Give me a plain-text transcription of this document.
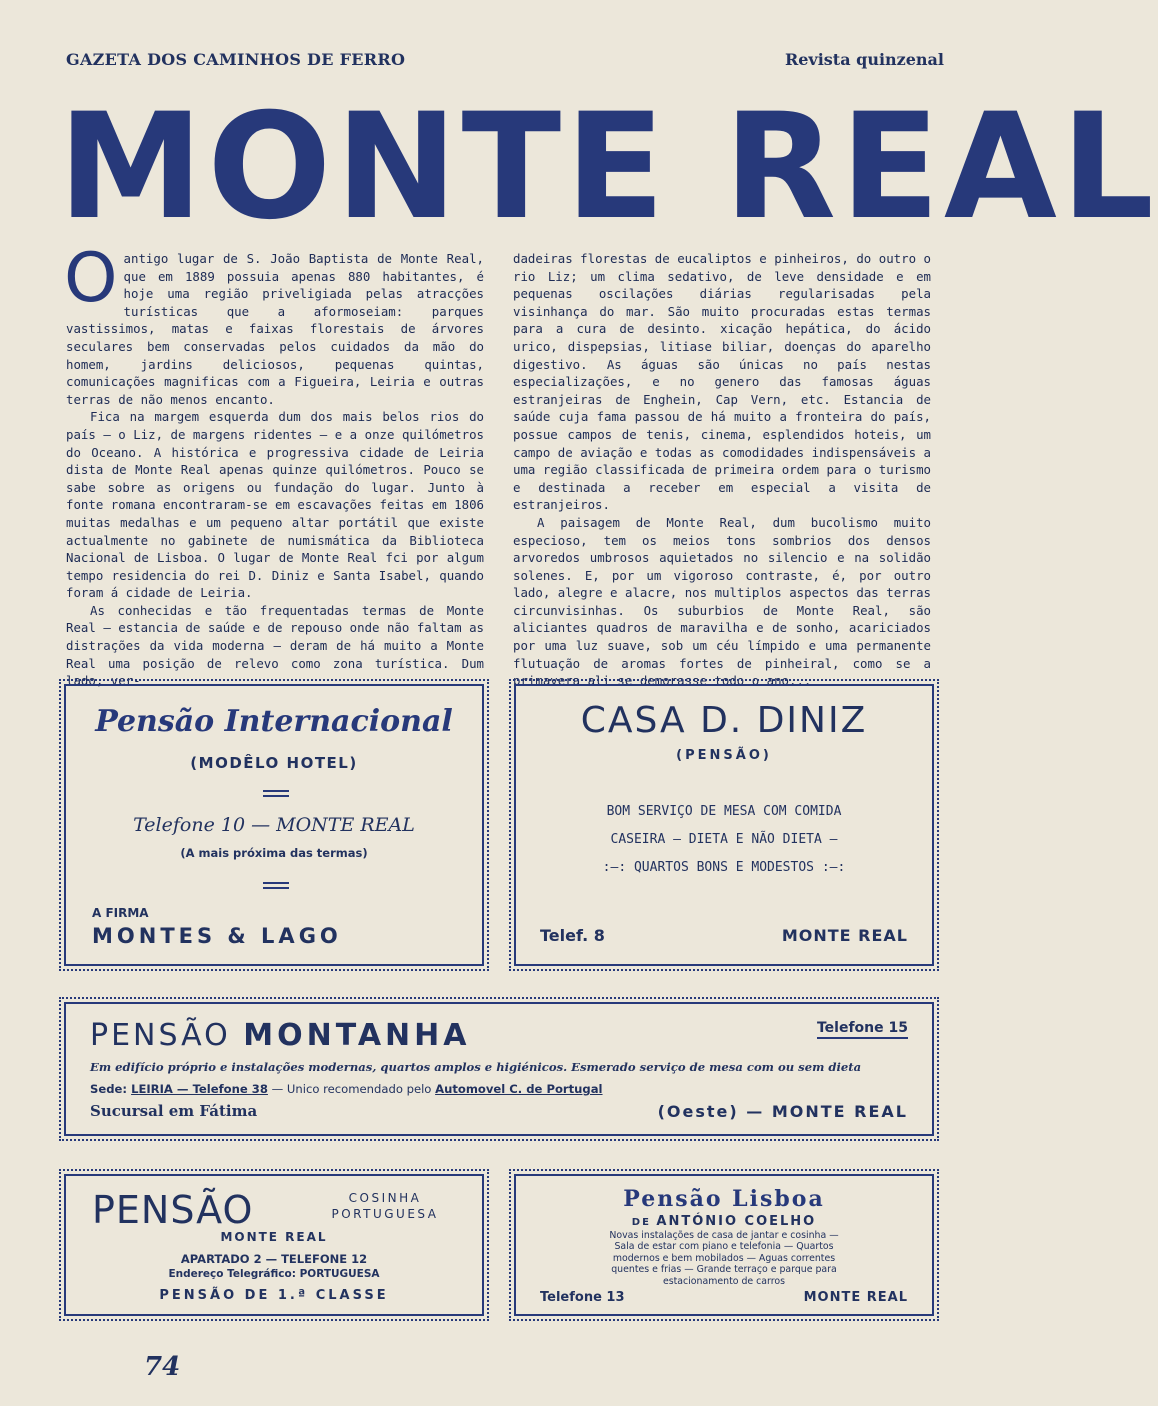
GAZETA DOS CAMINHOS DE FERRO	Revista quinzenal
MONTE REAL

Oantigo lugar de S. João Baptista de Monte Real, que em 1889 possuia apenas 880 habitantes, é hoje uma região priveligiada pelas atracções turísticas que a aformoseiam: parques vastissimos, matas e faixas florestais de árvores seculares bem conservadas pelos cuidados da mão do homem, jardins deliciosos, pequenas quintas, comunicações magnificas com a Figueira, Leiria e outras terras de não menos encanto.

Fica na margem esquerda dum dos mais belos rios do país — o Liz, de margens ridentes — e a onze quilómetros do Oceano. A histórica e progressiva cidade de Leiria dista de Monte Real apenas quinze quilómetros. Pouco se sabe sobre as origens ou fundação do lugar. Junto à fonte romana encontraram-se em escavações feitas em 1806 muitas medalhas e um pequeno altar portátil que existe actualmente no gabinete de numismática da Biblioteca Nacional de Lisboa. O lugar de Monte Real fci por algum tempo residencia do rei D. Diniz e Santa Isabel, quando foram á cidade de Leiria.

As conhecidas e tão frequentadas termas de Monte Real — estancia de saúde e de repouso onde não faltam as distrações da vida moderna — deram de há muito a Monte Real uma posição de relevo como zona turística. Dum lado, ver-

dadeiras florestas de eucaliptos e pinheiros, do outro o rio Liz; um clima sedativo, de leve densidade e em pequenas oscilações diárias regularisadas pela visinhança do mar. São muito procuradas estas termas para a cura de desinto. xicação hepática, do ácido urico, dispepsias, litiase biliar, doenças do aparelho digestivo. As águas são únicas no país nestas especializações, e no genero das famosas águas estranjeiras de Enghein, Cap Vern, etc. Estancia de saúde cuja fama passou de há muito a fronteira do país, possue campos de tenis, cinema, esplendidos hoteis, um campo de aviação e todas as comodidades indispensáveis a uma região classificada de primeira ordem para o turismo e destinada a receber em especial a visita de estranjeiros.

A paisagem de Monte Real, dum bucolismo muito especioso, tem os meios tons sombrios dos densos arvoredos umbrosos aquietados no silencio e na solidão solenes. E, por um vigoroso contraste, é, por outro lado, alegre e alacre, nos multiplos aspectos das terras circunvisinhas. Os suburbios de Monte Real, são aliciantes quadros de maravilha e de sonho, acariciados por uma luz suave, sob um céu límpido e uma permanente flutuação de aromas fortes de pinheiral, como se a primavera ali se demorasse todo o ano...

Pensão Internacional
(MODÊLO HOTEL)
Telefone 10 — MONTE REAL
(A mais próxima das termas)
A FIRMA
MONTES & LAGO
CASA D. DINIZ
(PENSÃO)
BOM SERVIÇO DE MESA COM COMIDA
CASEIRA — DIETA E NÃO DIETA —
:—: QUARTOS BONS E MODESTOS :—:
Telef. 8	MONTE REAL
PENSÃO MONTANHA	Telefone 15
Em edifício próprio e instalações modernas, quartos amplos e higiénicos. Esmerado serviço de mesa com ou sem dieta
Sede: LEIRIA — Telefone 38 — Unico recomendado pelo Automovel C. de Portugal
Sucursal em Fátima	(Oeste) — MONTE REAL
PENSÃO	COSINHA PORTUGUESA
MONTE REAL
APARTADO 2 — TELEFONE 12
Endereço Telegráfico: PORTUGUESA
PENSÃO DE 1.ª CLASSE
Pensão Lisboa
DE ANTÓNIO COELHO
Novas instalações de casa de jantar e cosinha — Sala de estar com piano e telefonia — Quartos modernos e bem mobilados — Aguas correntes quentes e frias — Grande terraço e parque para estacionamento de carros
Telefone 13	MONTE REAL
74
